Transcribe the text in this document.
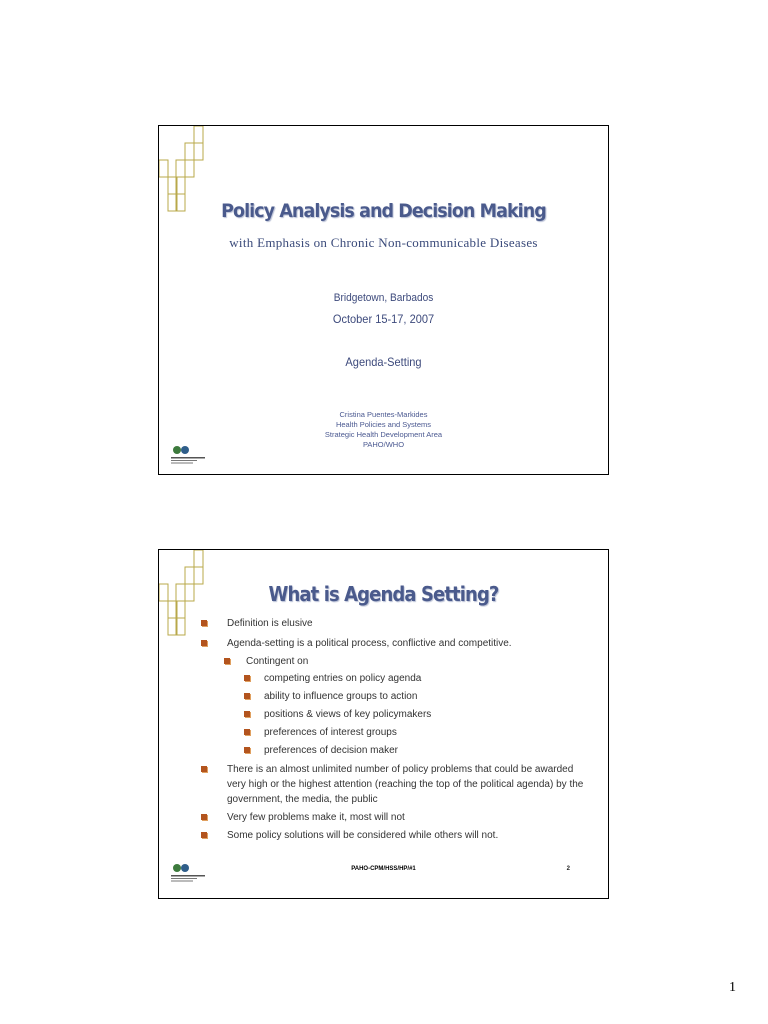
Policy Analysis and Decision Making
with Emphasis on Chronic Non-communicable Diseases
Bridgetown, Barbados
October 15-17, 2007
Agenda-Setting
Cristina Puentes-Markides
Health Policies and Systems
Strategic Health Development Area
PAHO/WHO
What is Agenda Setting?
Definition is elusive
Agenda-setting is a political process, conflictive and competitive.
Contingent on
competing entries on policy agenda
ability to influence groups to action
positions & views of key policymakers
preferences of interest groups
preferences of decision maker
There is an almost unlimited number of policy problems that could be awarded very high or the highest attention (reaching the top of the political agenda) by the government, the media, the public
Very few problems make it, most will not
Some policy solutions will be considered while others will not.
PAHO-CPM/HSS/HP/#1	2
1
